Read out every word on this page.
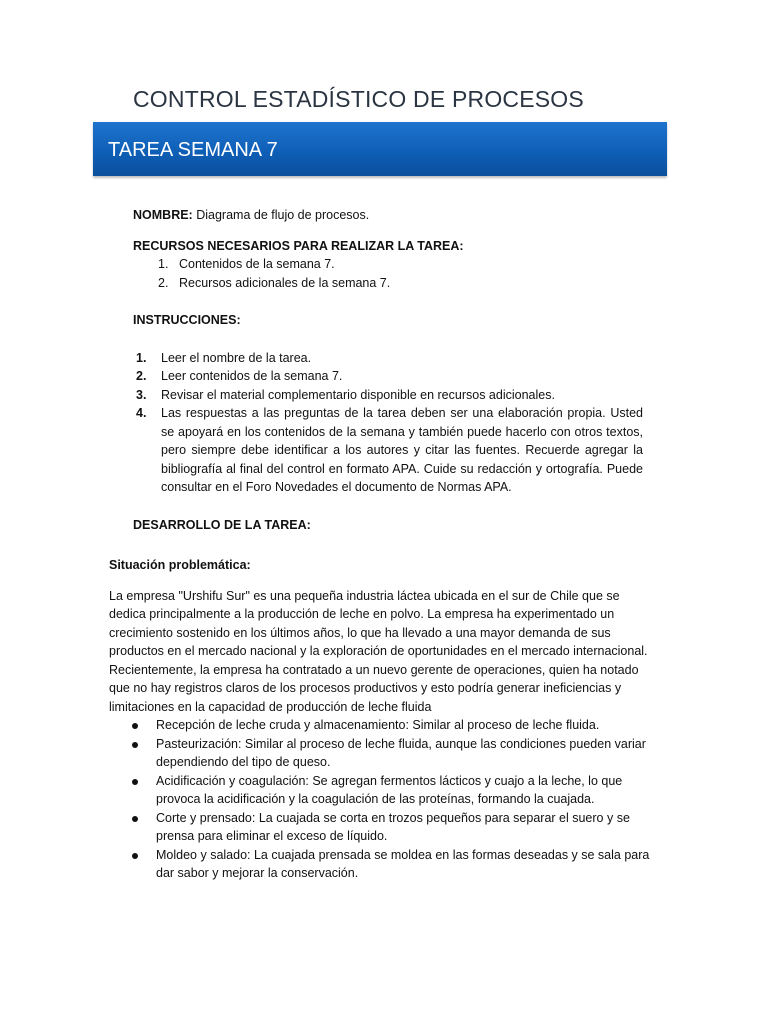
CONTROL ESTADÍSTICO DE PROCESOS
TAREA SEMANA 7

NOMBRE: Diagrama de flujo de procesos.

RECURSOS NECESARIOS PARA REALIZAR LA TAREA:

1. Contenidos de la semana 7.
2. Recursos adicionales de la semana 7.

INSTRUCCIONES:

1. Leer el nombre de la tarea.
2. Leer contenidos de la semana 7.
3. Revisar el material complementario disponible en recursos adicionales.
4. Las respuestas a las preguntas de la tarea deben ser una elaboración propia. Usted se apoyará en los contenidos de la semana y también puede hacerlo con otros textos, pero siempre debe identificar a los autores y citar las fuentes. Recuerde agregar la bibliografía al final del control en formato APA. Cuide su redacción y ortografía. Puede consultar en el Foro Novedades el documento de Normas APA.

DESARROLLO DE LA TAREA:

Situación problemática:

La empresa "Urshifu Sur" es una pequeña industria láctea ubicada en el sur de Chile que se dedica principalmente a la producción de leche en polvo. La empresa ha experimentado un crecimiento sostenido en los últimos años, lo que ha llevado a una mayor demanda de sus productos en el mercado nacional y la exploración de oportunidades en el mercado internacional.

Recientemente, la empresa ha contratado a un nuevo gerente de operaciones, quien ha notado que no hay registros claros de los procesos productivos y esto podría generar ineficiencias y limitaciones en la capacidad de producción de leche fluida

Recepción de leche cruda y almacenamiento: Similar al proceso de leche fluida.
Pasteurización: Similar al proceso de leche fluida, aunque las condiciones pueden variar dependiendo del tipo de queso.
Acidificación y coagulación: Se agregan fermentos lácticos y cuajo a la leche, lo que provoca la acidificación y la coagulación de las proteínas, formando la cuajada.
Corte y prensado: La cuajada se corta en trozos pequeños para separar el suero y se prensa para eliminar el exceso de líquido.
Moldeo y salado: La cuajada prensada se moldea en las formas deseadas y se sala para dar sabor y mejorar la conservación.
